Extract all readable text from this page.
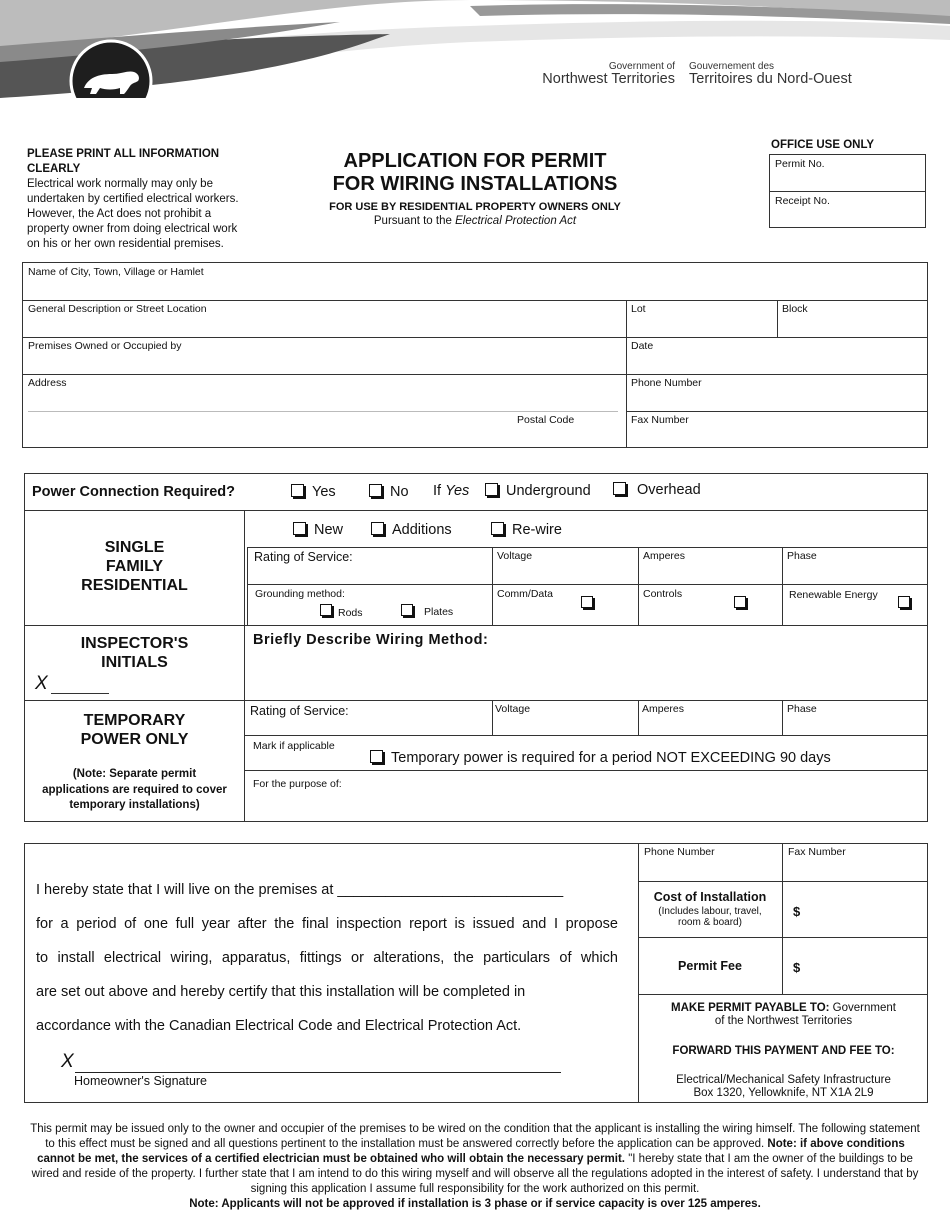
Government of
Northwest Territories
Gouvernement des
Territoires du Nord-Ouest
PLEASE PRINT ALL INFORMATION
CLEARLY
Electrical work normally may only be
undertaken by certified electrical workers.
However, the Act does not prohibit a
property owner from doing electrical work
on his or her own residential premises.
APPLICATION FOR PERMIT
FOR WIRING INSTALLATIONS
FOR USE BY RESIDENTIAL PROPERTY OWNERS ONLY
Pursuant to the Electrical Protection Act
OFFICE USE ONLY
Permit No.
Receipt No.
Name of City, Town, Village or Hamlet
General Description or Street Location	Lot	Block
Premises Owned or Occupied by	Date
Address	Phone Number
Postal Code	Fax Number
Power Connection Required?	Yes	No If Yes	Underground	Overhead
SINGLE
FAMILY
RESIDENTIAL
New	Additions	Re-wire
Rating of Service:	Voltage	Amperes	Phase
Grounding method:
Rods	Plates
Comm/Data	Controls	Renewable Energy
INSPECTOR'S
INITIALS
X
Briefly Describe Wiring Method:
TEMPORARY
POWER ONLY
(Note: Separate permit
applications are required to cover
temporary installations)
Rating of Service:	Voltage	Amperes	Phase
Mark if applicable
Temporary power is required for a period NOT EXCEEDING 90 days
For the purpose of:
I hereby state that I will live on the premises at ____________________________
for a period of one full year after the final inspection report is issued and I propose
to install electrical wiring, apparatus, fittings or alterations, the particulars of which
are set out above and hereby certify that this installation will be completed in
accordance with the Canadian Electrical Code and Electrical Protection Act.
X
Homeowner's Signature
Phone Number	Fax Number
Cost of Installation
(Includes labour, travel,
room & board)
$
Permit Fee	$
MAKE PERMIT PAYABLE TO: Government
of the Northwest Territories
FORWARD THIS PAYMENT AND FEE TO:
Electrical/Mechanical Safety Infrastructure
Box 1320, Yellowknife, NT X1A 2L9
This permit may be issued only to the owner and occupier of the premises to be wired on the condition that the applicant is installing the wiring himself. The following statement to this effect must be signed and all questions pertinent to the installation must be answered correctly before the application can be approved. Note: if above conditions cannot be met, the services of a certified electrician must be obtained who will obtain the necessary permit. "I hereby state that I am the owner of the buildings to be wired and reside of the property. I further state that I am intend to do this wiring myself and will observe all the regulations adopted in the interest of safety. I understand that by signing this application I assume full responsibility for the work authorized on this permit.
Note: Applicants will not be approved if installation is 3 phase or if service capacity is over 125 amperes.
